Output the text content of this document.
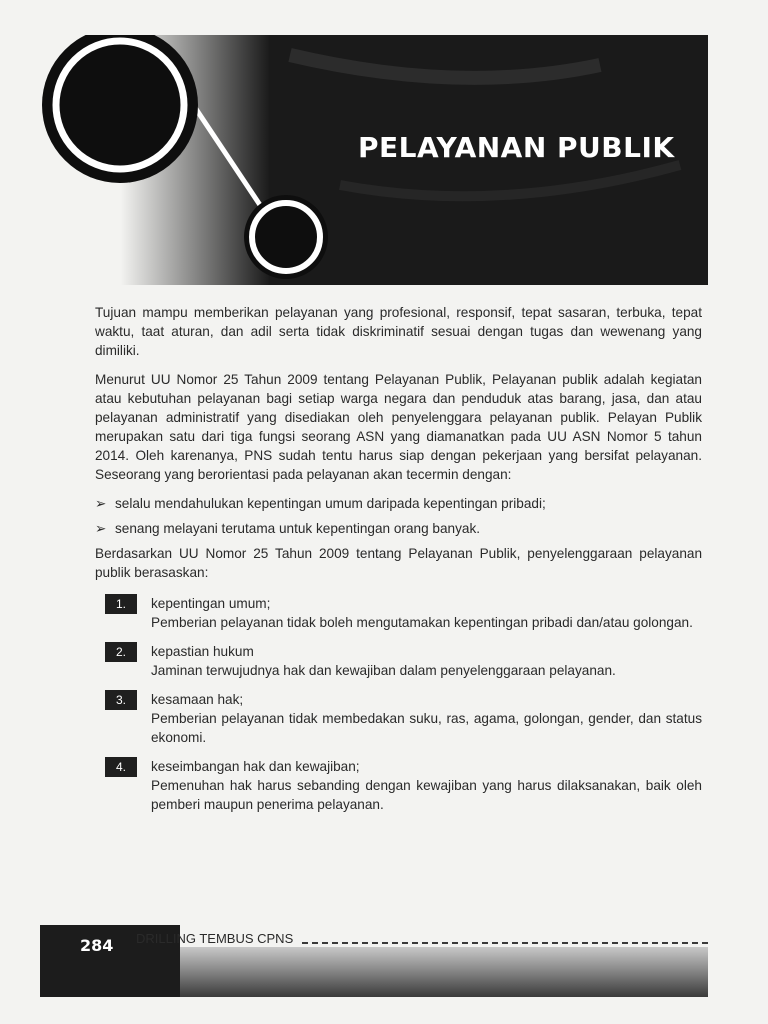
PELAYANAN PUBLIK

Tujuan mampu memberikan pelayanan yang profesional, responsif, tepat sasaran, terbuka, tepat waktu, taat aturan, dan adil serta tidak diskriminatif sesuai dengan tugas dan wewenang yang dimiliki.

Menurut UU Nomor 25 Tahun 2009 tentang Pelayanan Publik, Pelayanan publik adalah kegiatan atau kebutuhan pelayanan bagi setiap warga negara dan penduduk atas barang, jasa, dan atau pelayanan administratif yang disediakan oleh penyelenggara pelayanan publik. Pelayan Publik merupakan satu dari tiga fungsi seorang ASN yang diamanatkan pada UU ASN Nomor 5 tahun 2014. Oleh karenanya, PNS sudah tentu harus siap dengan pekerjaan yang bersifat pelayanan. Seseorang yang berorientasi pada pelayanan akan tecermin dengan:

➢ selalu mendahulukan kepentingan umum daripada kepentingan pribadi;
➢ senang melayani terutama untuk kepentingan orang banyak.

Berdasarkan UU Nomor 25 Tahun 2009 tentang Pelayanan Publik, penyelenggaraan pelayanan publik berasaskan:

1.	kepentingan umum;
Pemberian pelayanan tidak boleh mengutamakan kepentingan pribadi dan/atau golongan.
2.	kepastian hukum
Jaminan terwujudnya hak dan kewajiban dalam penyelenggaraan pelayanan.
3.	kesamaan hak;
Pemberian pelayanan tidak membedakan suku, ras, agama, golongan, gender, dan status ekonomi.
4.	keseimbangan hak dan kewajiban;
Pemenuhan hak harus sebanding dengan kewajiban yang harus dilaksanakan, baik oleh pemberi maupun penerima pelayanan.
284 DRILLING TEMBUS CPNS
